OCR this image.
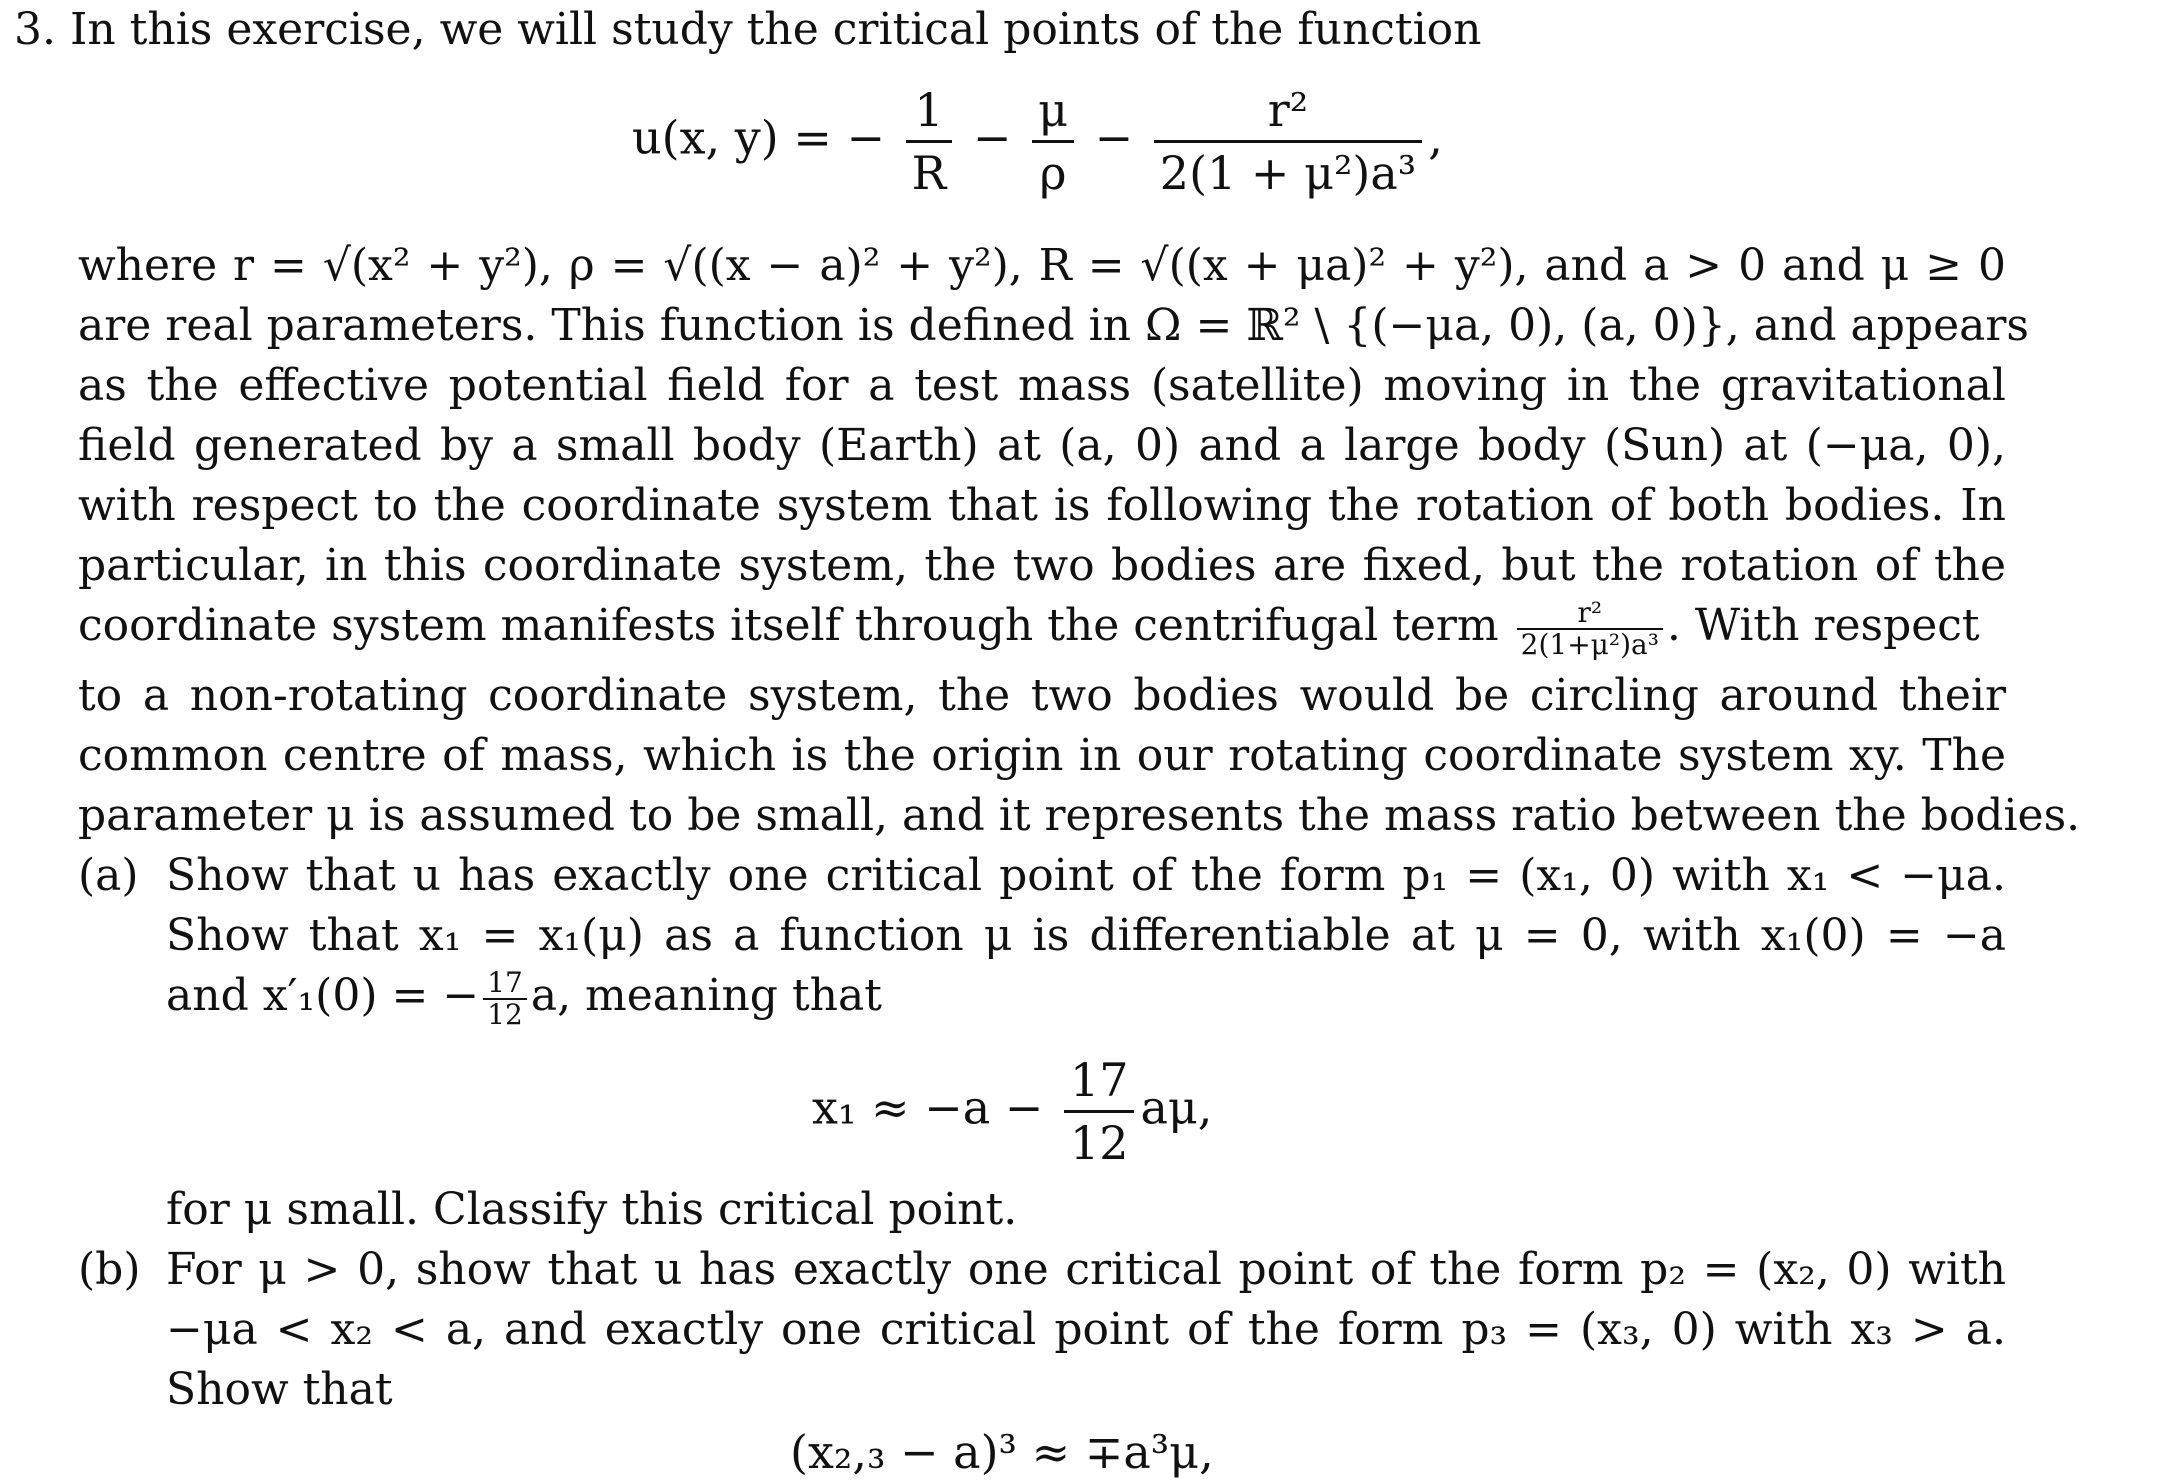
3. In this exercise, we will study the critical points of the function
u(x, y) = − $\frac{1}{R} - \frac{\mu}{\rho} - \frac{\text{r²}}{\text{2(1 + μ²)a³}}$ ,
where r = √(x² + y²), ρ = √((x − a)² + y²), R = √((x + μa)² + y²), and a > 0 and μ ≥ 0
are real parameters. This function is defined in Ω = ℝ² \ {(−μa, 0), (a, 0)}, and appears
as the effective potential field for a test mass (satellite) moving in the gravitational
field generated by a small body (Earth) at (a, 0) and a large body (Sun) at (−μa, 0),
with respect to the coordinate system that is following the rotation of both bodies. In
particular, in this coordinate system, the two bodies are fixed, but the rotation of the
coordinate system manifests itself through the centrifugal term $\frac{\text{r²}}{\text{2(1+μ²)a³}}$ . With respect
to a non-rotating coordinate system, the two bodies would be circling around their
common centre of mass, which is the origin in our rotating coordinate system xy. The
parameter μ is assumed to be small, and it represents the mass ratio between the bodies.
(a) Show that u has exactly one critical point of the form p₁ = (x₁, 0) with x₁ < −μa.
Show that x₁ = x₁(μ) as a function μ is differentiable at μ = 0, with x₁(0) = −a
and x′₁(0) = − $\frac{17}{12} a$, meaning that
$x_1 \approx -a - \frac{17}{12} a\mu$,
for μ small. Classify this critical point.
(b) For μ > 0, show that u has exactly one critical point of the form p₂ = (x₂, 0) with
−μa < x₂ < a, and exactly one critical point of the form p₃ = (x₃, 0) with x₃ > a.
Show that
(x₂,₃ − a)³ ≈ ∓a³μ,
